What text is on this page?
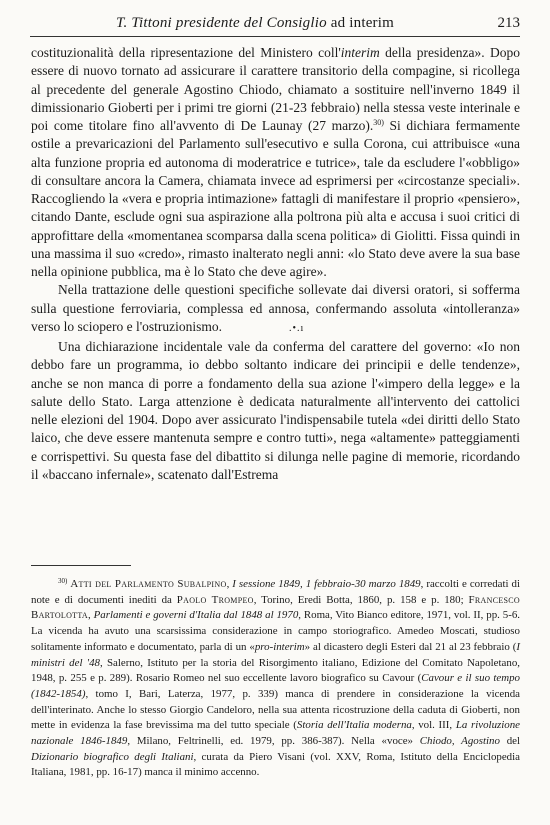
T. Tittoni presidente del Consiglio ad interim	213

costituzionalità della ripresentazione del Ministero coll'interim della presidenza». Dopo essere di nuovo tornato ad assicurare il carattere transitorio della compagine, si ricollega al precedente del generale Agostino Chiodo, chiamato a sostituire nell'inverno 1849 il dimissionario Gioberti per i primi tre giorni (21-23 febbraio) nella stessa veste interinale e poi come titolare fino all'avvento di De Launay (27 marzo).$^{30)}$ Si dichiara fermamente ostile a prevaricazioni del Parlamento sull'esecutivo e sulla Corona, cui attribuisce «una alta funzione propria ed autonoma di moderatrice e tutrice», tale da escludere l'«obbligo» di consultare ancora la Camera, chiamata invece ad esprimersi per «circostanze speciali». Raccogliendo la «vera e propria intimazione» fattagli di manifestare il proprio «pensiero», citando Dante, esclude ogni sua aspirazione alla poltrona più alta e accusa i suoi critici di approfittare della «momentanea scomparsa dalla scena politica» di Giolitti. Fissa quindi in una massima il suo «credo», rimasto inalterato negli anni: «lo Stato deve avere la sua base nella opinione pubblica, ma è lo Stato che deve agire».

Nella trattazione delle questioni specifiche sollevate dai diversi oratori, si sofferma sulla questione ferroviaria, complessa ed annosa, confermando assoluta «intolleranza» verso lo sciopero e l'ostruzionismo.	.•.ı

Una dichiarazione incidentale vale da conferma del carattere del governo: «Io non debbo fare un programma, io debbo soltanto indicare dei principii e delle tendenze», anche se non manca di porre a fondamento della sua azione l'«impero della legge» e la salute dello Stato. Larga attenzione è dedicata naturalmente all'intervento dei cattolici nelle elezioni del 1904. Dopo aver assicurato l'indispensabile tutela «dei diritti dello Stato laico, che deve essere mantenuta sempre e contro tutti», nega «altamente» patteggiamenti e corrispettivi. Su questa fase del dibattito si dilunga nelle pagine di memorie, ricordando il «baccano infernale», scatenato dall'Estrema

$^{30)}$ Atti del Parlamento Subalpino, I sessione 1849, 1 febbraio-30 marzo 1849, raccolti e corredati di note e di documenti inediti da Paolo Trompeo, Torino, Eredi Botta, 1860, p. 158 e p. 180; Francesco Bartolotta, Parlamenti e governi d'Italia dal 1848 al 1970, Roma, Vito Bianco editore, 1971, vol. II, pp. 5-6. La vicenda ha avuto una scarsissima considerazione in campo storiografico. Amedeo Moscati, studioso solitamente informato e documentato, parla di un «pro-interim» al dicastero degli Esteri dal 21 al 23 febbraio (I ministri del '48, Salerno, Istituto per la storia del Risorgimento italiano, Edizione del Comitato Napoletano, 1948, p. 255 e p. 289). Rosario Romeo nel suo eccellente lavoro biografico su Cavour (Cavour e il suo tempo (1842-1854), tomo I, Bari, Laterza, 1977, p. 339) manca di prendere in considerazione la vicenda dell'interinato. Anche lo stesso Giorgio Candeloro, nella sua attenta ricostruzione della caduta di Gioberti, non mette in evidenza la fase brevissima ma del tutto speciale (Storia dell'Italia moderna, vol. III, La rivoluzione nazionale 1846-1849, Milano, Feltrinelli, ed. 1979, pp. 386-387). Nella «voce» Chiodo, Agostino del Dizionario biografico degli Italiani, curata da Piero Visani (vol. XXV, Roma, Istituto della Enciclopedia Italiana, 1981, pp. 16-17) manca il minimo accenno.
